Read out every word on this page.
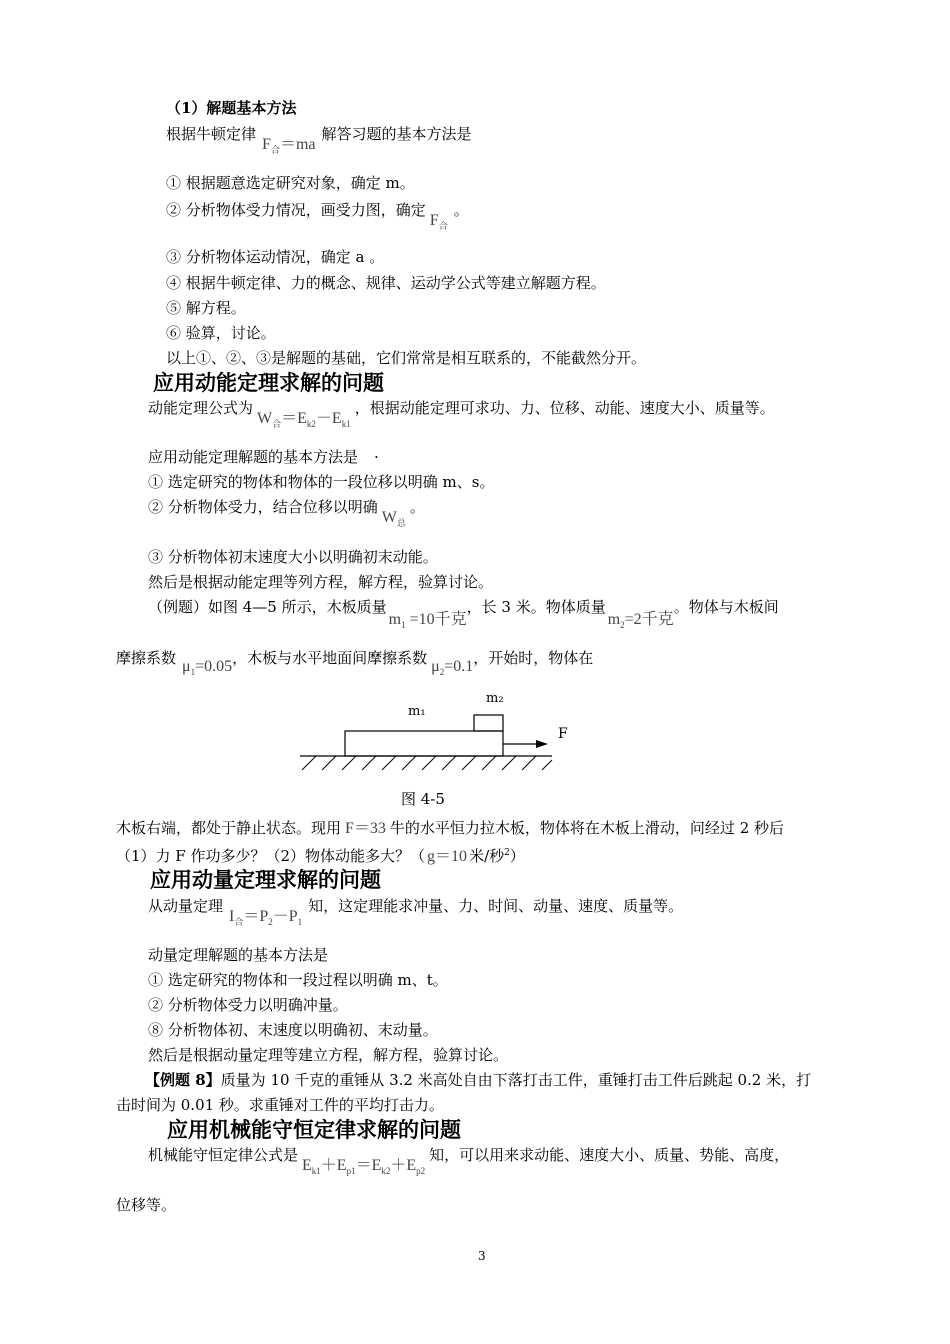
（1）解题基本方法
根据牛顿定律$F_合=ma$解答习题的基本方法是
① 根据题意选定研究对象，确定 m。
② 分析物体受力情况，画受力图，确定$F_合$。
③ 分析物体运动情况，确定 a 。
④ 根据牛顿定律、力的概念、规律、运动学公式等建立解题方程。
⑤ 解方程。
⑥ 验算，讨论。
以上①、②、③是解题的基础，它们常常是相互联系的，不能截然分开。
应用动能定理求解的问题
动能定理公式为$W_合=E_{k2}-E_{k1}$，根据动能定理可求功、力、位移、动能、速度大小、质量等。
应用动能定理解题的基本方法是 ·
① 选定研究的物体和物体的一段位移以明确 m、s。
② 分析物体受力，结合位移以明确$W_总$。
③ 分析物体初末速度大小以明确初末动能。
然后是根据动能定理等列方程，解方程，验算讨论。
（例题）如图 4—5 所示，木板质量$m_1 =10$千克，长 3 米。物体质量$m_2=2$千克。物体与木板间
摩擦系数 $\mu_1=0.05$，木板与水平地面间摩擦系数 $\mu_2=0.1$，开始时，物体在
m₁
m₂
F
图 4-5
木板右端，都处于静止状态。现用 F＝33 牛的水平恒力拉木板，物体将在木板上滑动，问经过 2 秒后
（1）力 F 作功多少？（2）物体动能多大？（ g＝10 米/秒$^2$）
应用动量定理求解的问题
从动量定理$I_合=P_2-P_1$知，这定理能求冲量、力、时间、动量、速度、质量等。
动量定理解题的基本方法是
① 选定研究的物体和一段过程以明确 m、t。
② 分析物体受力以明确冲量。
⑧ 分析物体初、末速度以明确初、末动量。
然后是根据动量定理等建立方程，解方程，验算讨论。
【例题 8】质量为 10 千克的重锤从 3.2 米高处自由下落打击工件，重锤打击工件后跳起 0.2 米，打
击时间为 0.01 秒。求重锤对工件的平均打击力。
应用机械能守恒定律求解的问题
机械能守恒定律公式是$E_{k1}+E_{p1}=E_{k2}+E_{p2}$知，可以用来求动能、速度大小、质量、势能、高度，
位移等。
3
